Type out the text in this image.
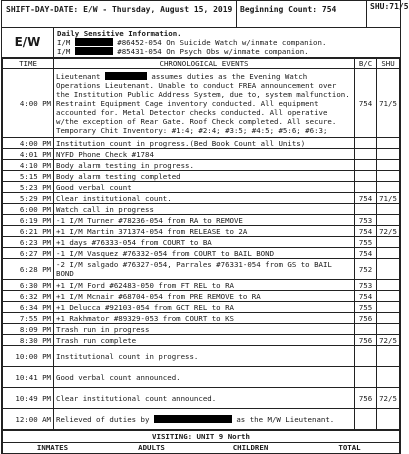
SHIFT-DAY-DATE: E/W - Thursday, August 15, 2019 Beginning Count: 754	SHU:71/5
E/W
Daily Sensitive Information.
I/M	#86452-054 On Suicide Watch w/inmate companion.
I/M	#85431-054 On Psych Obs w/inmate companion.
TIME	CHRONOLOGICAL EVENTS	B/C	SHU
4:00 PM	Lieutenant assumes duties as the Evening Watch Operations Lieutenant. Unable to conduct FREA announcement over the Institution Public Address System, due to, system malfunction. Restraint Equipment Cage inventory conducted. All equipment accounted for. Metal Detector checks conducted. All operative w/the exception of Rear Gate. Roof Check completed. All secure. Temporary Chit Inventory: #1:4; #2:4; #3:5; #4:5; #5:6; #6:3;	754	71/5
4:00 PM	Institution count in progress.(Bed Book Count all Units)		
4:01 PM	NYFD Phone Check #1784		
4:10 PM	Body alarm testing in progress.		
5:15 PM	Body alarm testing completed		
5:23 PM	Good verbal count		
5:29 PM	Clear institutional count.	754	71/5
6:00 PM	Watch call in progress		
6:19 PM	-1 I/M Turner #78236-054 from RA to REMOVE	753	
6:21 PM	+1 I/M Martin 371374-054 from RELEASE to 2A	754	72/5
6:23 PM	+1 days #76333-054 from COURT to BA	755	
6:27 PM	-1 I/M Vasquez #76332-054 from COURT to BAIL BOND	754	
6:28 PM	-2 I/M salgado #76327-054, Parrales #76331-054 from GS to BAIL BOND	752	
6:30 PM	+1 I/M Ford #62483-050 from FT REL to RA	753	
6:32 PM	+1 I/M Mcnair #68704-054 from PRE REMOVE to RA	754	
6:34 PM	+1 Delucca #92103-054 from GCT REL to RA	755	
7:55 PM	+1 Rakhmator #89329-053 from COURT to KS	756	
8:09 PM	Trash run in progress		
8:30 PM	Trash run complete	756	72/5
10:00 PM	Institutional count in progress.		
10:41 PM	Good verbal count announced.		
10:49 PM	Clear institutional count announced.	756	72/5
12:00 AM	Relieved of duties by as the M/W Lieutenant.		
VISITING: UNIT 9 North
INMATES	ADULTS	CHILDREN	TOTAL
